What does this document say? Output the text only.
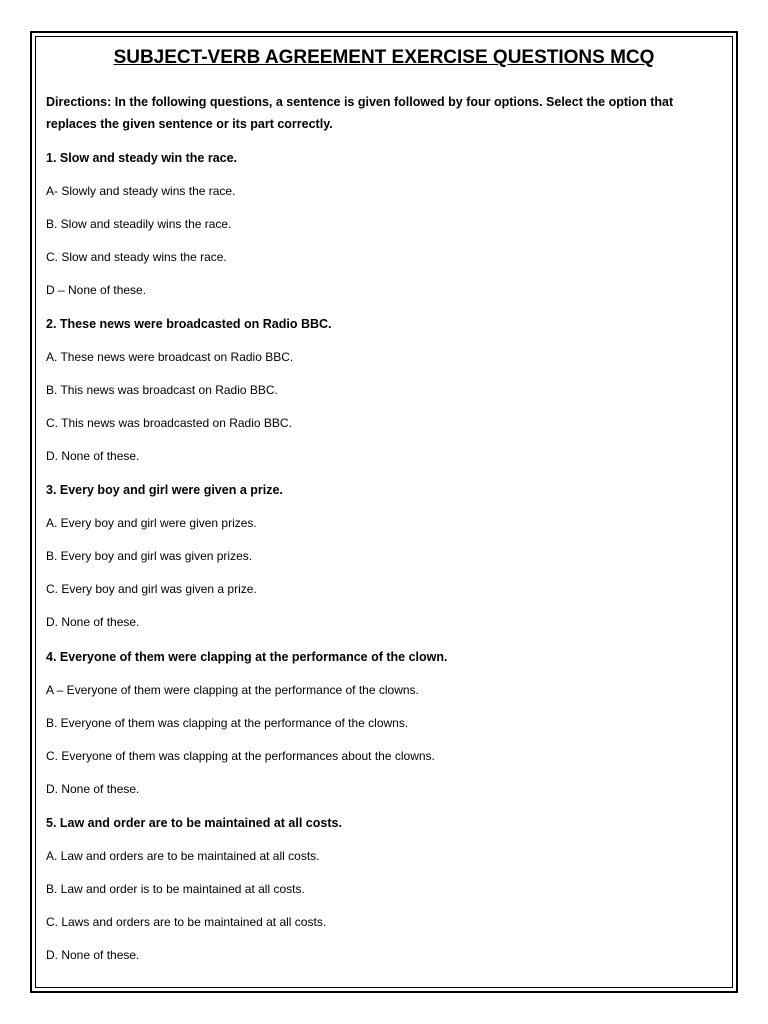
SUBJECT-VERB AGREEMENT EXERCISE QUESTIONS MCQ
Directions: In the following questions, a sentence is given followed by four options. Select the option that replaces the given sentence or its part correctly.
1. Slow and steady win the race.
A- Slowly and steady wins the race.
B. Slow and steadily wins the race.
C. Slow and steady wins the race.
D – None of these.
2. These news were broadcasted on Radio BBC.
A. These news were broadcast on Radio BBC.
B. This news was broadcast on Radio BBC.
C. This news was broadcasted on Radio BBC.
D. None of these.
3. Every boy and girl were given a prize.
A. Every boy and girl were given prizes.
B. Every boy and girl was given prizes.
C. Every boy and girl was given a prize.
D. None of these.
4. Everyone of them were clapping at the performance of the clown.
A – Everyone of them were clapping at the performance of the clowns.
B. Everyone of them was clapping at the performance of the clowns.
C. Everyone of them was clapping at the performances about the clowns.
D. None of these.
5. Law and order are to be maintained at all costs.
A. Law and orders are to be maintained at all costs.
B. Law and order is to be maintained at all costs.
C. Laws and orders are to be maintained at all costs.
D. None of these.
